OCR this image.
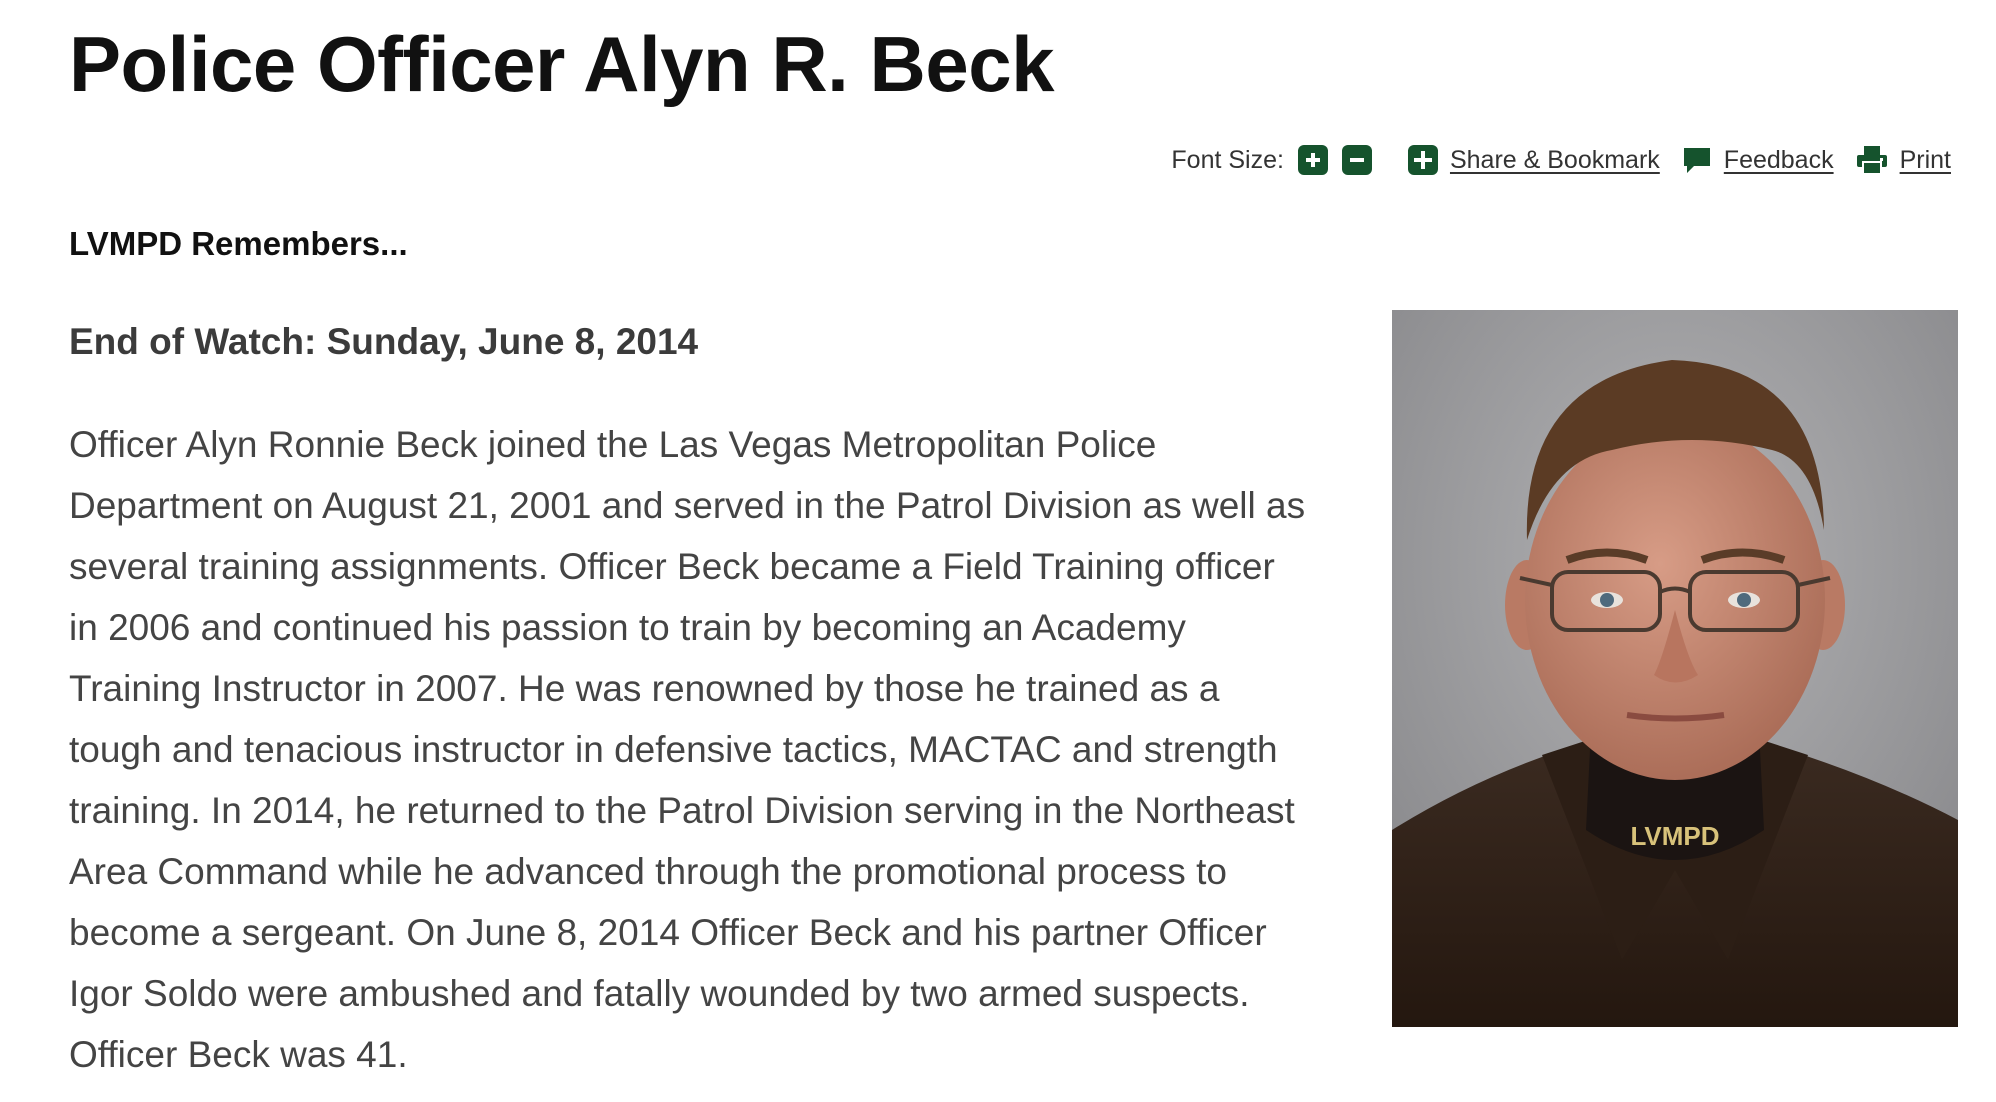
Police Officer Alyn R. Beck
Font Size:	Share & Bookmark	Feedback	Print
LVMPD Remembers...
End of Watch: Sunday, June 8, 2014

Officer Alyn Ronnie Beck joined the Las Vegas Metropolitan Police
Department on August 21, 2001 and served in the Patrol Division as well as
several training assignments. Officer Beck became a Field Training officer
in 2006 and continued his passion to train by becoming an Academy
Training Instructor in 2007. He was renowned by those he trained as a
tough and tenacious instructor in defensive tactics, MACTAC and strength
training. In 2014, he returned to the Patrol Division serving in the Northeast
Area Command while he advanced through the promotional process to
become a sergeant. On June 8, 2014 Officer Beck and his partner Officer
Igor Soldo were ambushed and fatally wounded by two armed suspects.
Officer Beck was 41.

LVMPD
